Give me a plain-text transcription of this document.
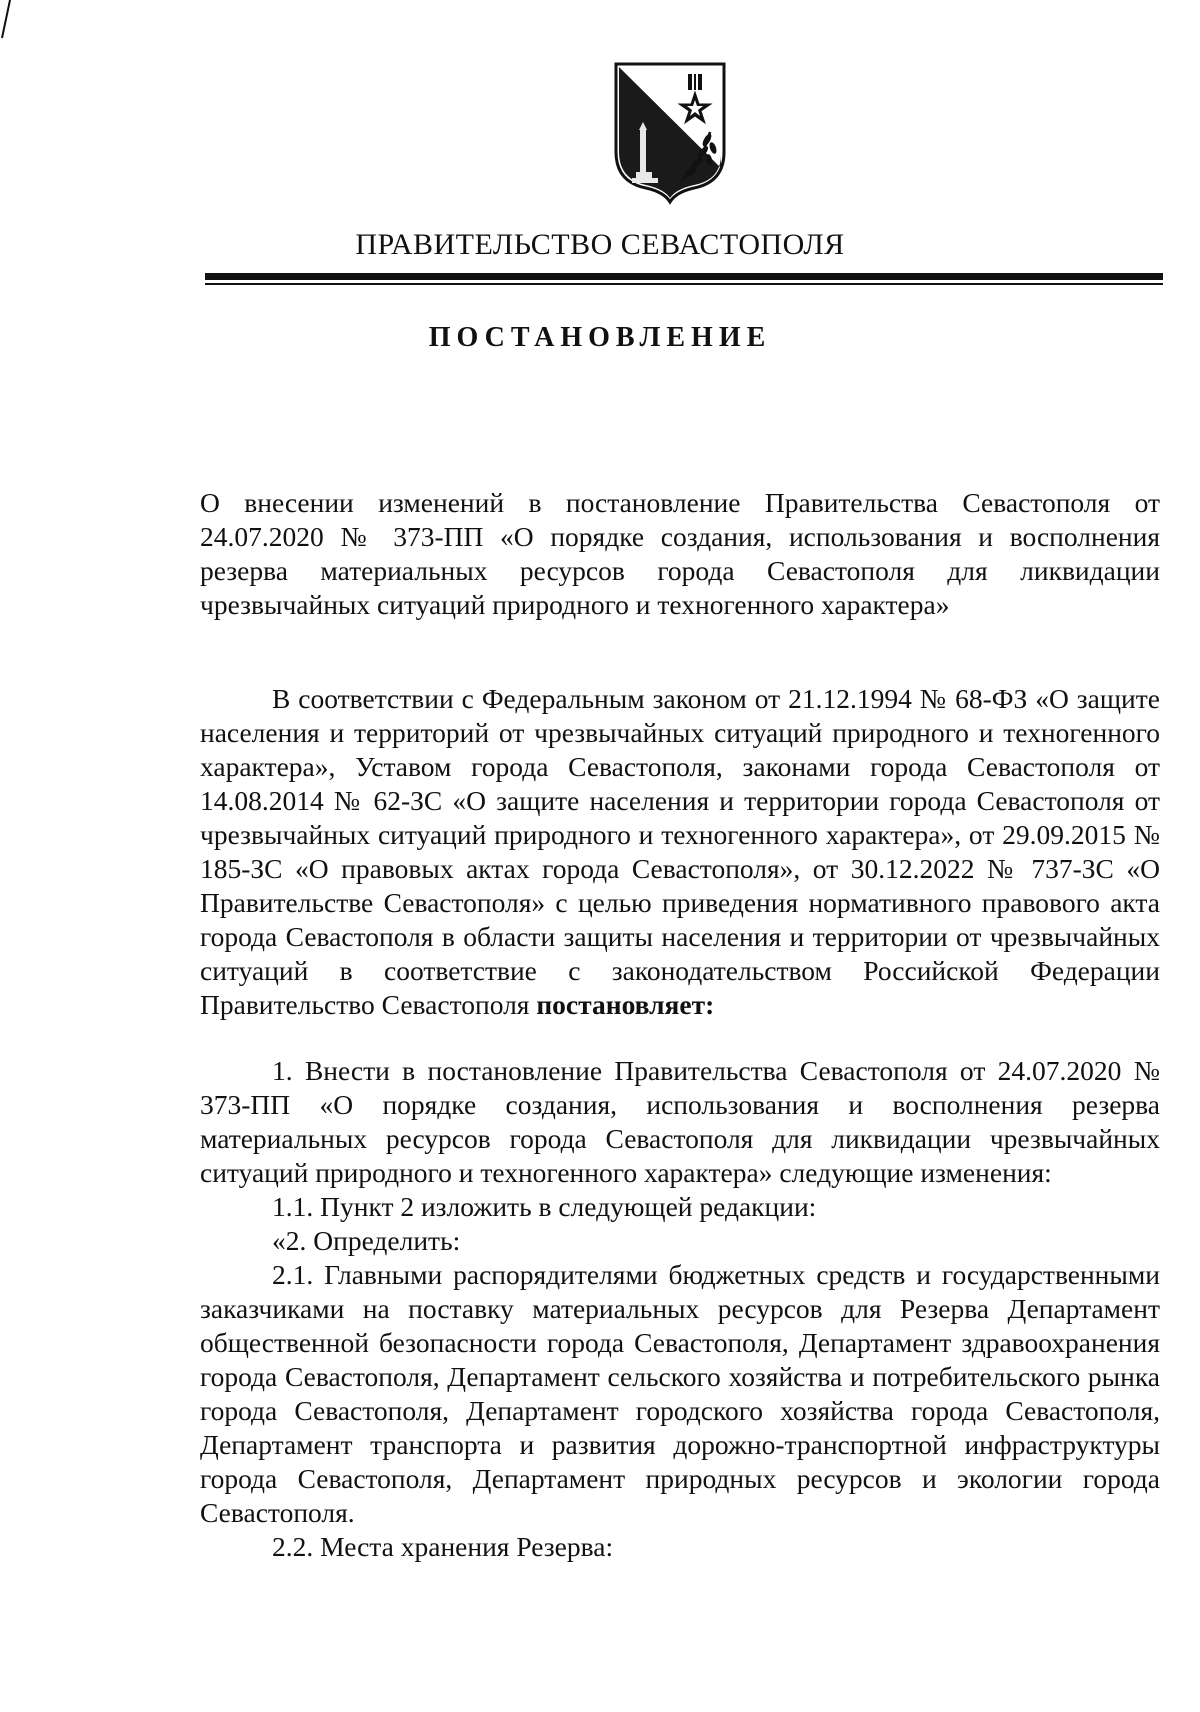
ПРАВИТЕЛЬСТВО СЕВАСТОПОЛЯ
ПОСТАНОВЛЕНИЕ

О внесении изменений в постановление Правительства Севастополя от 24.07.2020 № 373-ПП «О порядке создания, использования и восполнения резерва материальных ресурсов города Севастополя для ликвидации чрезвычайных ситуаций природного и техногенного характера»

В соответствии с Федеральным законом от 21.12.1994 № 68-ФЗ «О защите населения и территорий от чрезвычайных ситуаций природного и техногенного характера», Уставом города Севастополя, законами города Севастополя от 14.08.2014 № 62-ЗС «О защите населения и территории города Севастополя от чрезвычайных ситуаций природного и техногенного характера», от 29.09.2015 № 185-ЗС «О правовых актах города Севастополя», от 30.12.2022 № 737-ЗС «О Правительстве Севастополя» с целью приведения нормативного правового акта города Севастополя в области защиты населения и территории от чрезвычайных ситуаций в соответствие с законодательством Российской Федерации Правительство Севастополя постановляет:

1. Внести в постановление Правительства Севастополя от 24.07.2020 № 373-ПП «О порядке создания, использования и восполнения резерва материальных ресурсов города Севастополя для ликвидации чрезвычайных ситуаций природного и техногенного характера» следующие изменения:

1.1. Пункт 2 изложить в следующей редакции:

«2. Определить:

2.1. Главными распорядителями бюджетных средств и государственными заказчиками на поставку материальных ресурсов для Резерва Департамент общественной безопасности города Севастополя, Департамент здравоохранения города Севастополя, Департамент сельского хозяйства и потребительского рынка города Севастополя, Департамент городского хозяйства города Севастополя, Департамент транспорта и развития дорожно-транспортной инфраструктуры города Севастополя, Департамент природных ресурсов и экологии города Севастополя.

2.2. Места хранения Резерва:
